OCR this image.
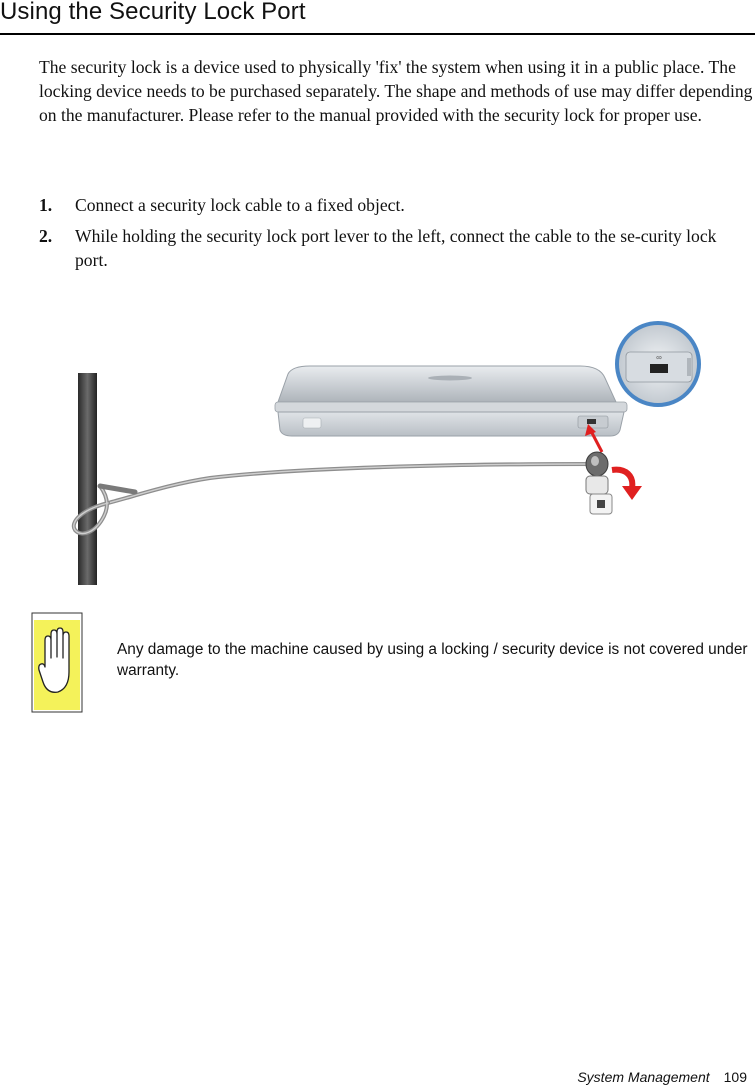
Using the Security Lock Port

The security lock is a device used to physically 'fix' the system when using it in a public place. The locking device needs to be purchased separately. The shape and methods of use may differ depending on the manufacturer. Please refer to the manual provided with the security lock for proper use.

1. Connect a security lock cable to a fixed object.
2. While holding the security lock port lever to the left, connect the cable to the se-curity lock port.
∞

Any damage to the machine caused by using a locking / security device is not covered under warranty.

System Management 109
